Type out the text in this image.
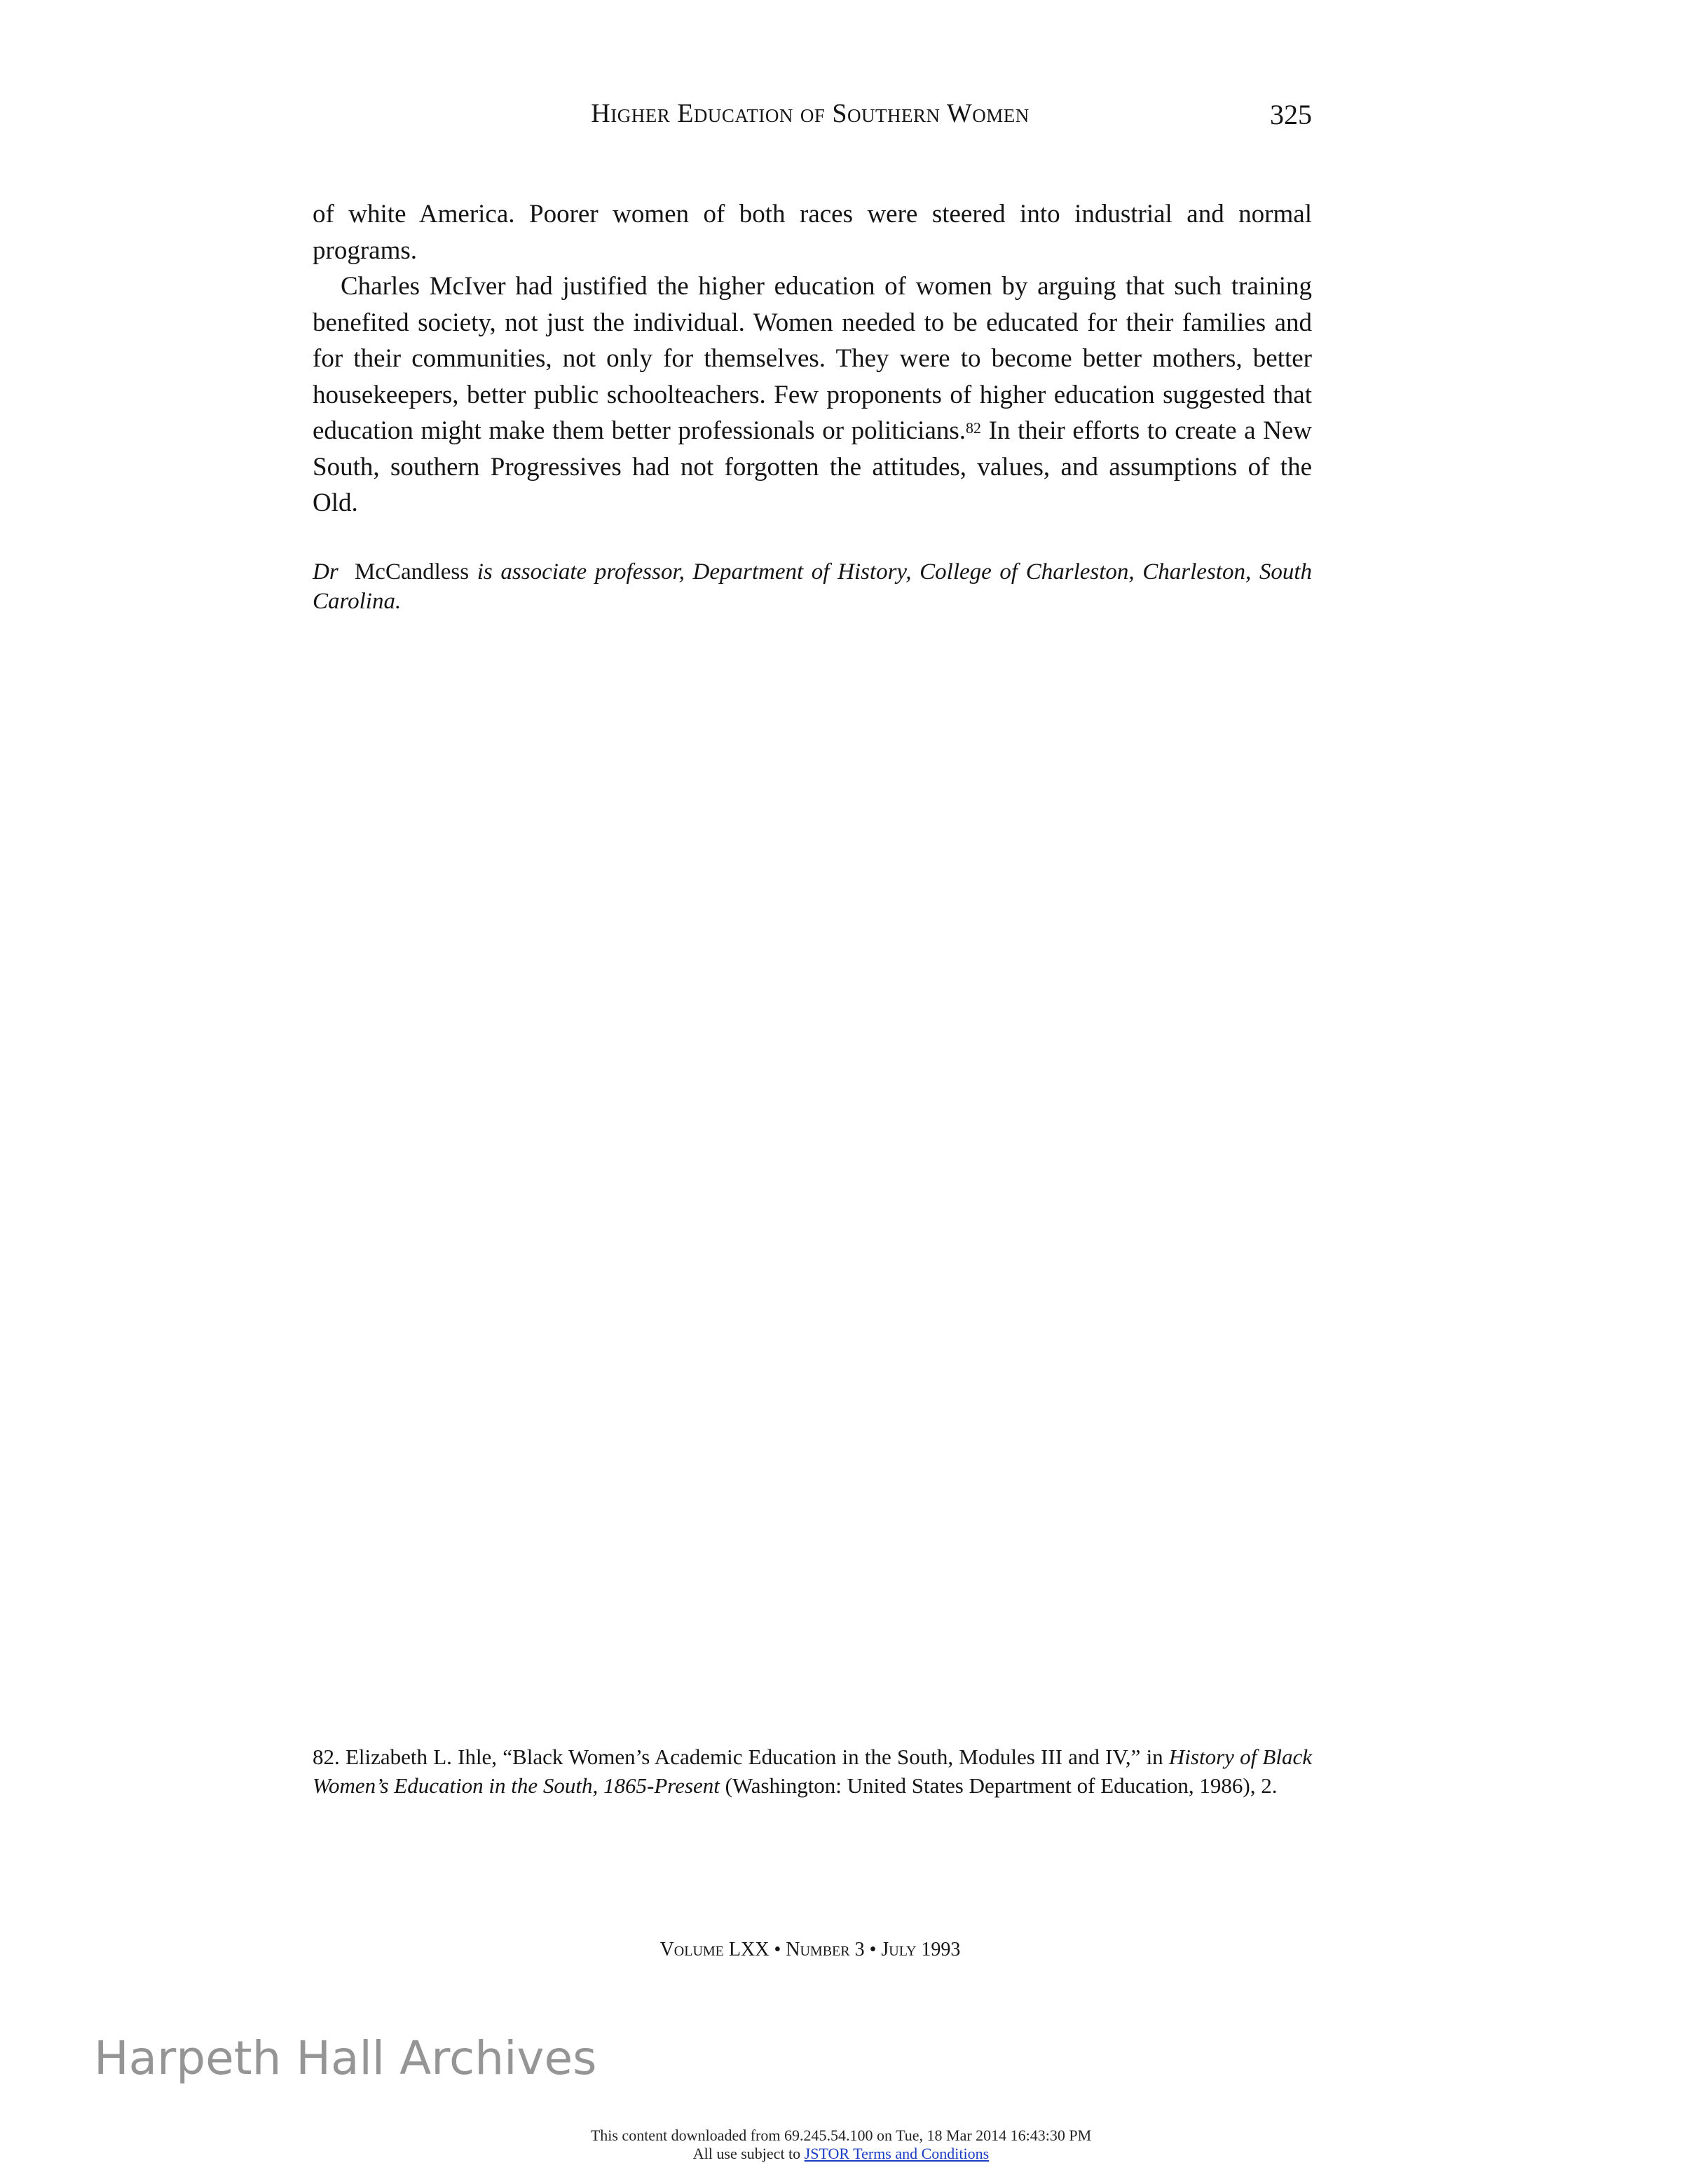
Higher Education of Southern Women	325

of white America. Poorer women of both races were steered into industrial and normal programs.

Charles McIver had justified the higher education of women by arguing that such training benefited society, not just the individual. Women needed to be educated for their families and for their communities, not only for themselves. They were to become better mothers, better housekeepers, better public schoolteachers. Few proponents of higher education suggested that education might make them better professionals or politicians.$^{82}$ In their efforts to create a New South, southern Progressives had not forgotten the attitudes, values, and assumptions of the Old.

Dr McCandless is associate professor, Department of History, College of Charleston, Charleston, South Carolina.
82. Elizabeth L. Ihle, “Black Women’s Academic Education in the South, Modules III and IV,” in History of Black Women’s Education in the South, 1865-Present (Washington: United States Department of Education, 1986), 2.
Volume LXX • Number 3 • July 1993
Harpeth Hall Archives
This content downloaded from 69.245.54.100 on Tue, 18 Mar 2014 16:43:30 PM
All use subject to JSTOR Terms and Conditions
